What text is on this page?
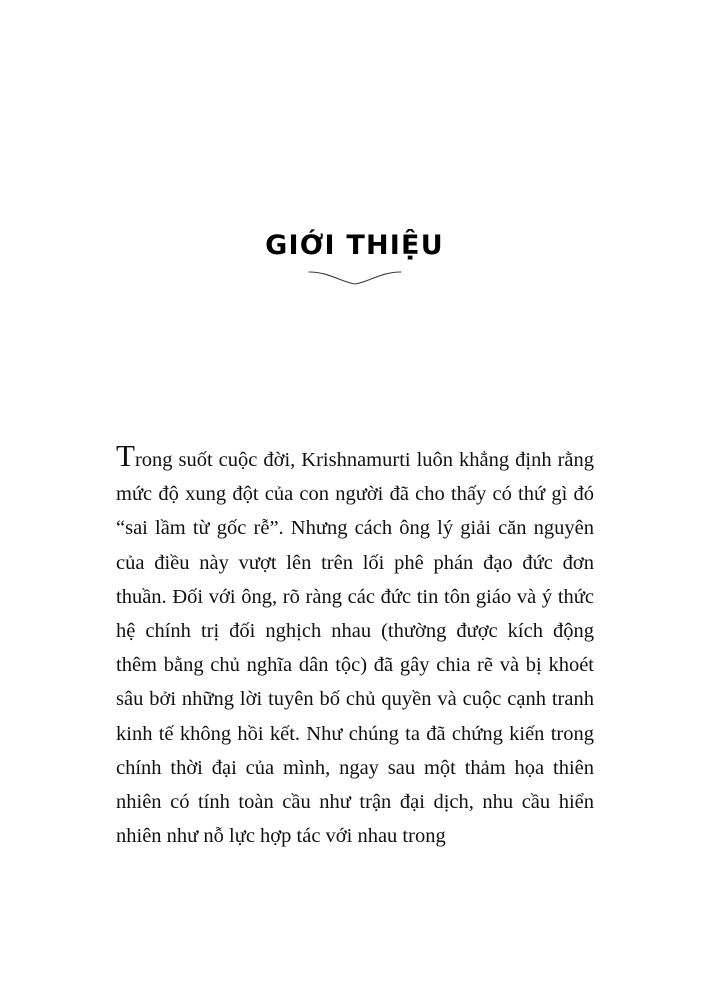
GIỚI THIỆU
Trong suốt cuộc đời, Krishnamurti luôn khẳng định rằng mức độ xung đột của con người đã cho thấy có thứ gì đó “sai lầm từ gốc rễ”. Nhưng cách ông lý giải căn nguyên của điều này vượt lên trên lối phê phán đạo đức đơn thuần. Đối với ông, rõ ràng các đức tin tôn giáo và ý thức hệ chính trị đối nghịch nhau (thường được kích động thêm bằng chủ nghĩa dân tộc) đã gây chia rẽ và bị khoét sâu bởi những lời tuyên bố chủ quyền và cuộc cạnh tranh kinh tế không hồi kết. Như chúng ta đã chứng kiến trong chính thời đại của mình, ngay sau một thảm họa thiên nhiên có tính toàn cầu như trận đại dịch, nhu cầu hiển nhiên như nỗ lực hợp tác với nhau trong
